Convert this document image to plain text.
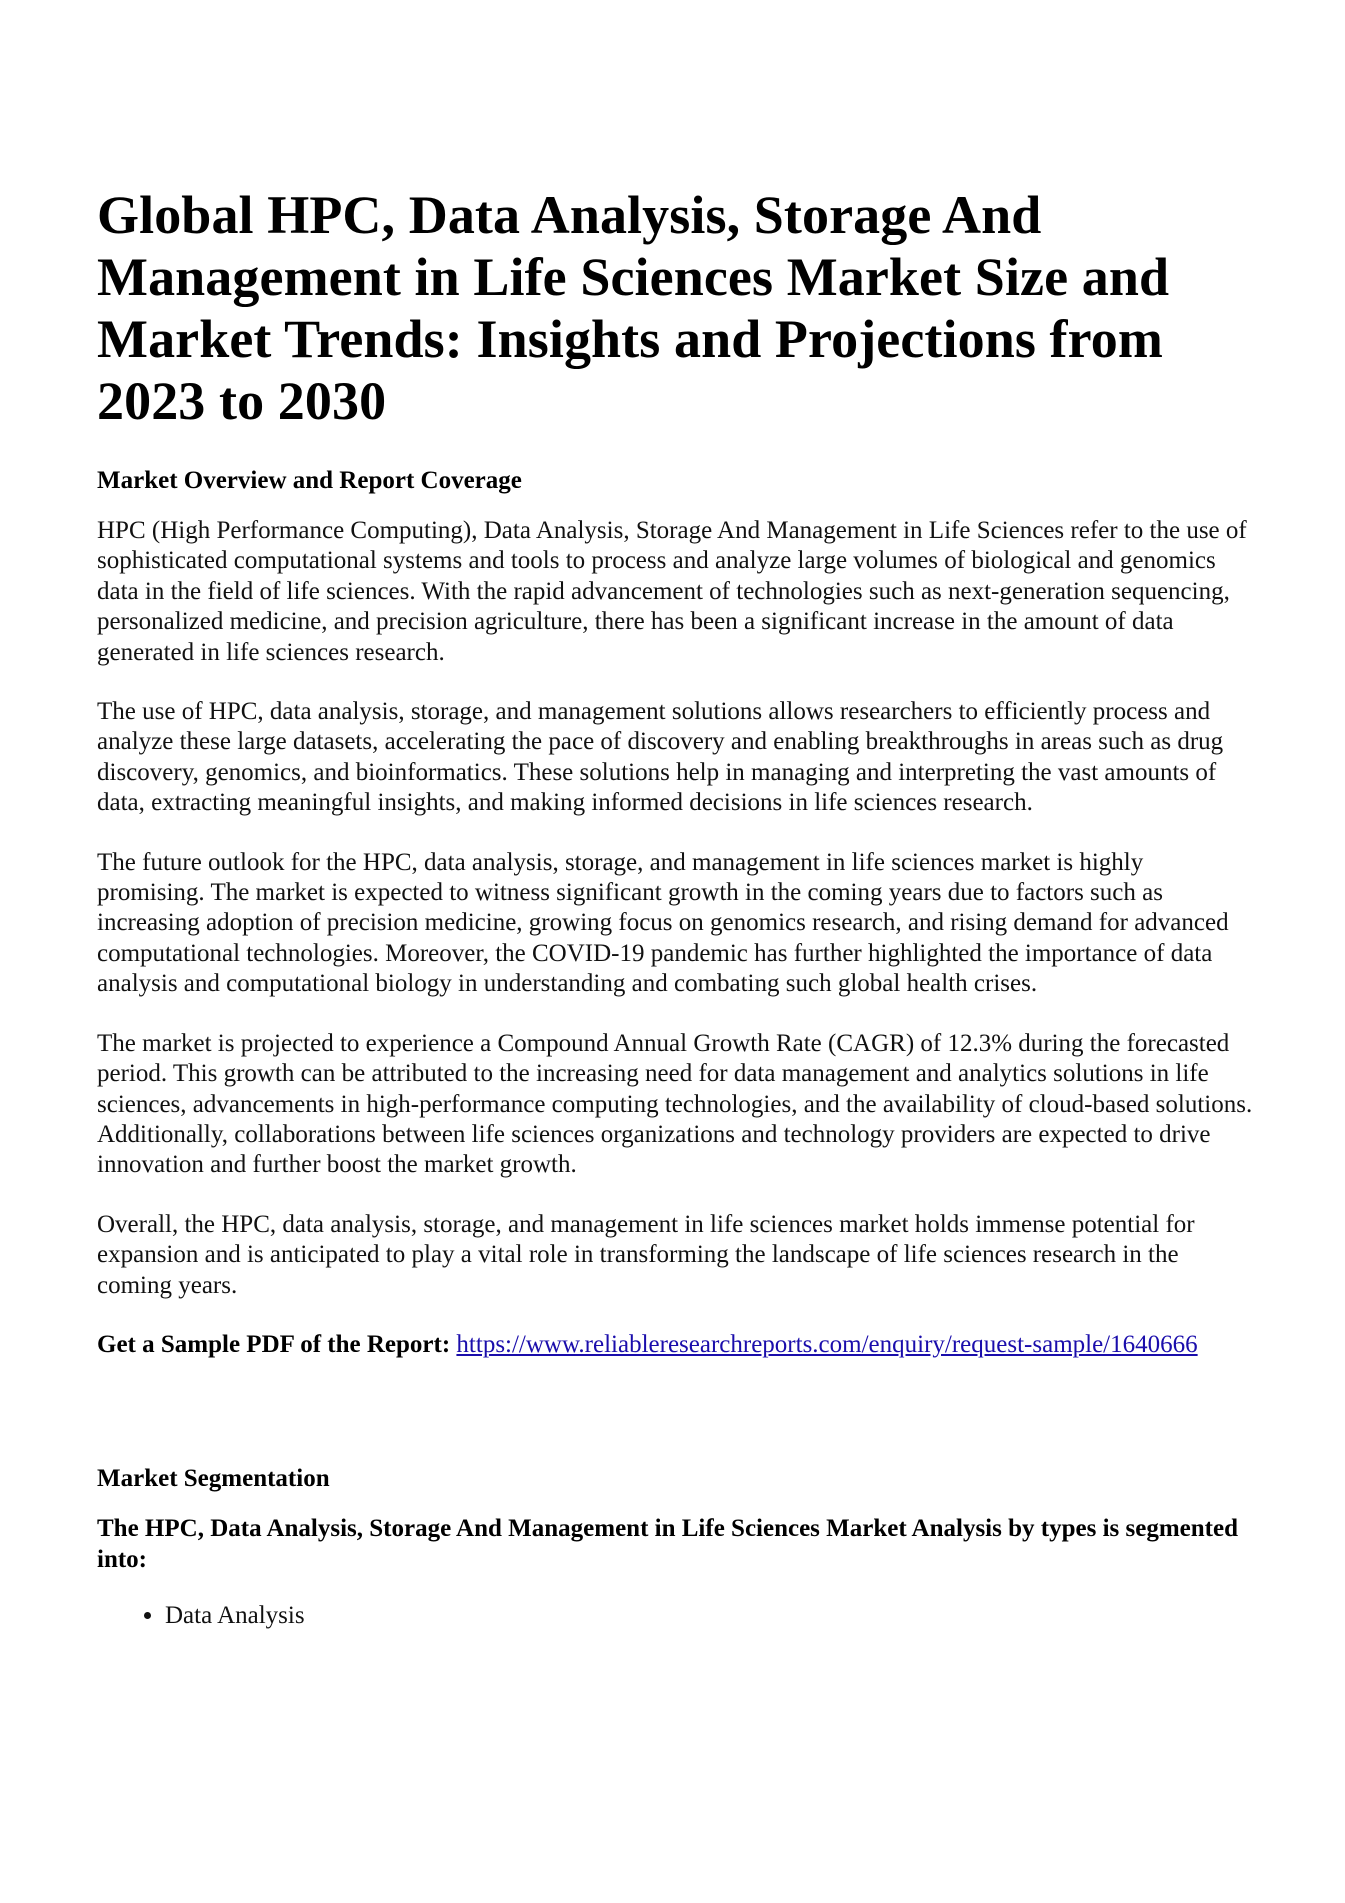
Global HPC, Data Analysis, Storage And Management in Life Sciences Market Size and Market Trends: Insights and Projections from 2023 to 2030
Market Overview and Report Coverage

HPC (High Performance Computing), Data Analysis, Storage And Management in Life Sciences refer to the use of sophisticated computational systems and tools to process and analyze large volumes of biological and genomics data in the field of life sciences. With the rapid advancement of technologies such as next-generation sequencing, personalized medicine, and precision agriculture, there has been a significant increase in the amount of data generated in life sciences research.

The use of HPC, data analysis, storage, and management solutions allows researchers to efficiently process and analyze these large datasets, accelerating the pace of discovery and enabling breakthroughs in areas such as drug discovery, genomics, and bioinformatics. These solutions help in managing and interpreting the vast amounts of data, extracting meaningful insights, and making informed decisions in life sciences research.

The future outlook for the HPC, data analysis, storage, and management in life sciences market is highly promising. The market is expected to witness significant growth in the coming years due to factors such as increasing adoption of precision medicine, growing focus on genomics research, and rising demand for advanced computational technologies. Moreover, the COVID-19 pandemic has further highlighted the importance of data analysis and computational biology in understanding and combating such global health crises.

The market is projected to experience a Compound Annual Growth Rate (CAGR) of 12.3% during the forecasted period. This growth can be attributed to the increasing need for data management and analytics solutions in life sciences, advancements in high-performance computing technologies, and the availability of cloud-based solutions. Additionally, collaborations between life sciences organizations and technology providers are expected to drive innovation and further boost the market growth.

Overall, the HPC, data analysis, storage, and management in life sciences market holds immense potential for expansion and is anticipated to play a vital role in transforming the landscape of life sciences research in the coming years.

Get a Sample PDF of the Report: https://www.reliableresearchreports.com/enquiry/request-sample/1640666

Market Segmentation

The HPC, Data Analysis, Storage And Management in Life Sciences Market Analysis by types is segmented into:

• Data Analysis
